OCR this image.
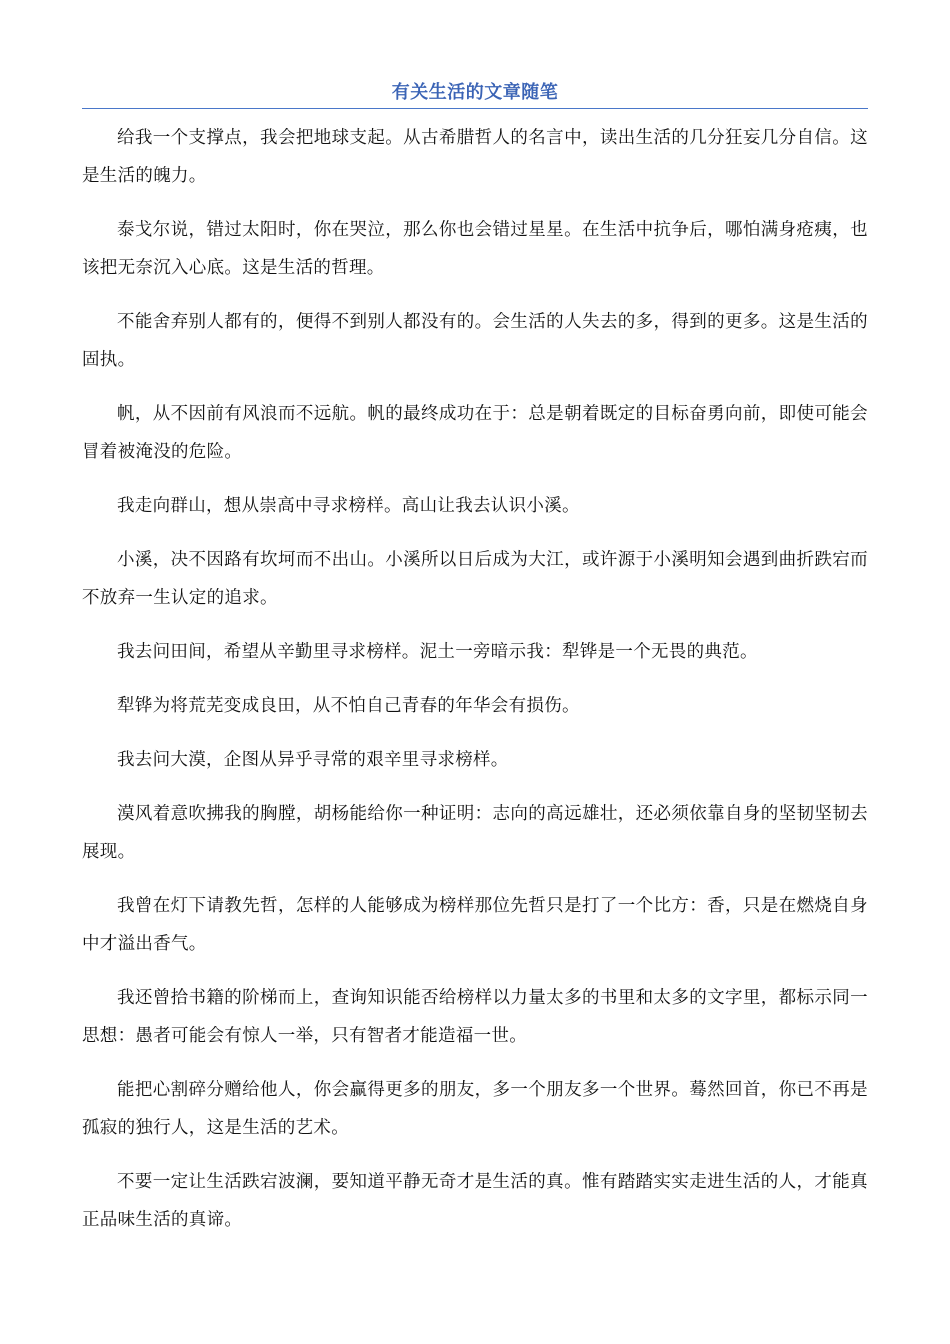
有关生活的文章随笔

给我一个支撑点，我会把地球支起。从古希腊哲人的名言中，读出生活的几分狂妄几分自信。这是生活的魄力。

泰戈尔说，错过太阳时，你在哭泣，那么你也会错过星星。在生活中抗争后，哪怕满身疮痍，也该把无奈沉入心底。这是生活的哲理。

不能舍弃别人都有的，便得不到别人都没有的。会生活的人失去的多，得到的更多。这是生活的固执。

帆，从不因前有风浪而不远航。帆的最终成功在于：总是朝着既定的目标奋勇向前，即使可能会冒着被淹没的危险。

我走向群山，想从崇高中寻求榜样。高山让我去认识小溪。

小溪，决不因路有坎坷而不出山。小溪所以日后成为大江，或许源于小溪明知会遇到曲折跌宕而不放弃一生认定的追求。

我去问田间，希望从辛勤里寻求榜样。泥土一旁暗示我：犁铧是一个无畏的典范。

犁铧为将荒芜变成良田，从不怕自己青春的年华会有损伤。

我去问大漠，企图从异乎寻常的艰辛里寻求榜样。

漠风着意吹拂我的胸膛，胡杨能给你一种证明：志向的高远雄壮，还必须依靠自身的坚韧坚韧去展现。

我曾在灯下请教先哲，怎样的人能够成为榜样那位先哲只是打了一个比方：香，只是在燃烧自身中才溢出香气。

我还曾拾书籍的阶梯而上，查询知识能否给榜样以力量太多的书里和太多的文字里，都标示同一思想：愚者可能会有惊人一举，只有智者才能造福一世。

能把心割碎分赠给他人，你会赢得更多的朋友，多一个朋友多一个世界。蓦然回首，你已不再是孤寂的独行人，这是生活的艺术。

不要一定让生活跌宕波澜，要知道平静无奇才是生活的真。惟有踏踏实实走进生活的人，才能真正品味生活的真谛。
